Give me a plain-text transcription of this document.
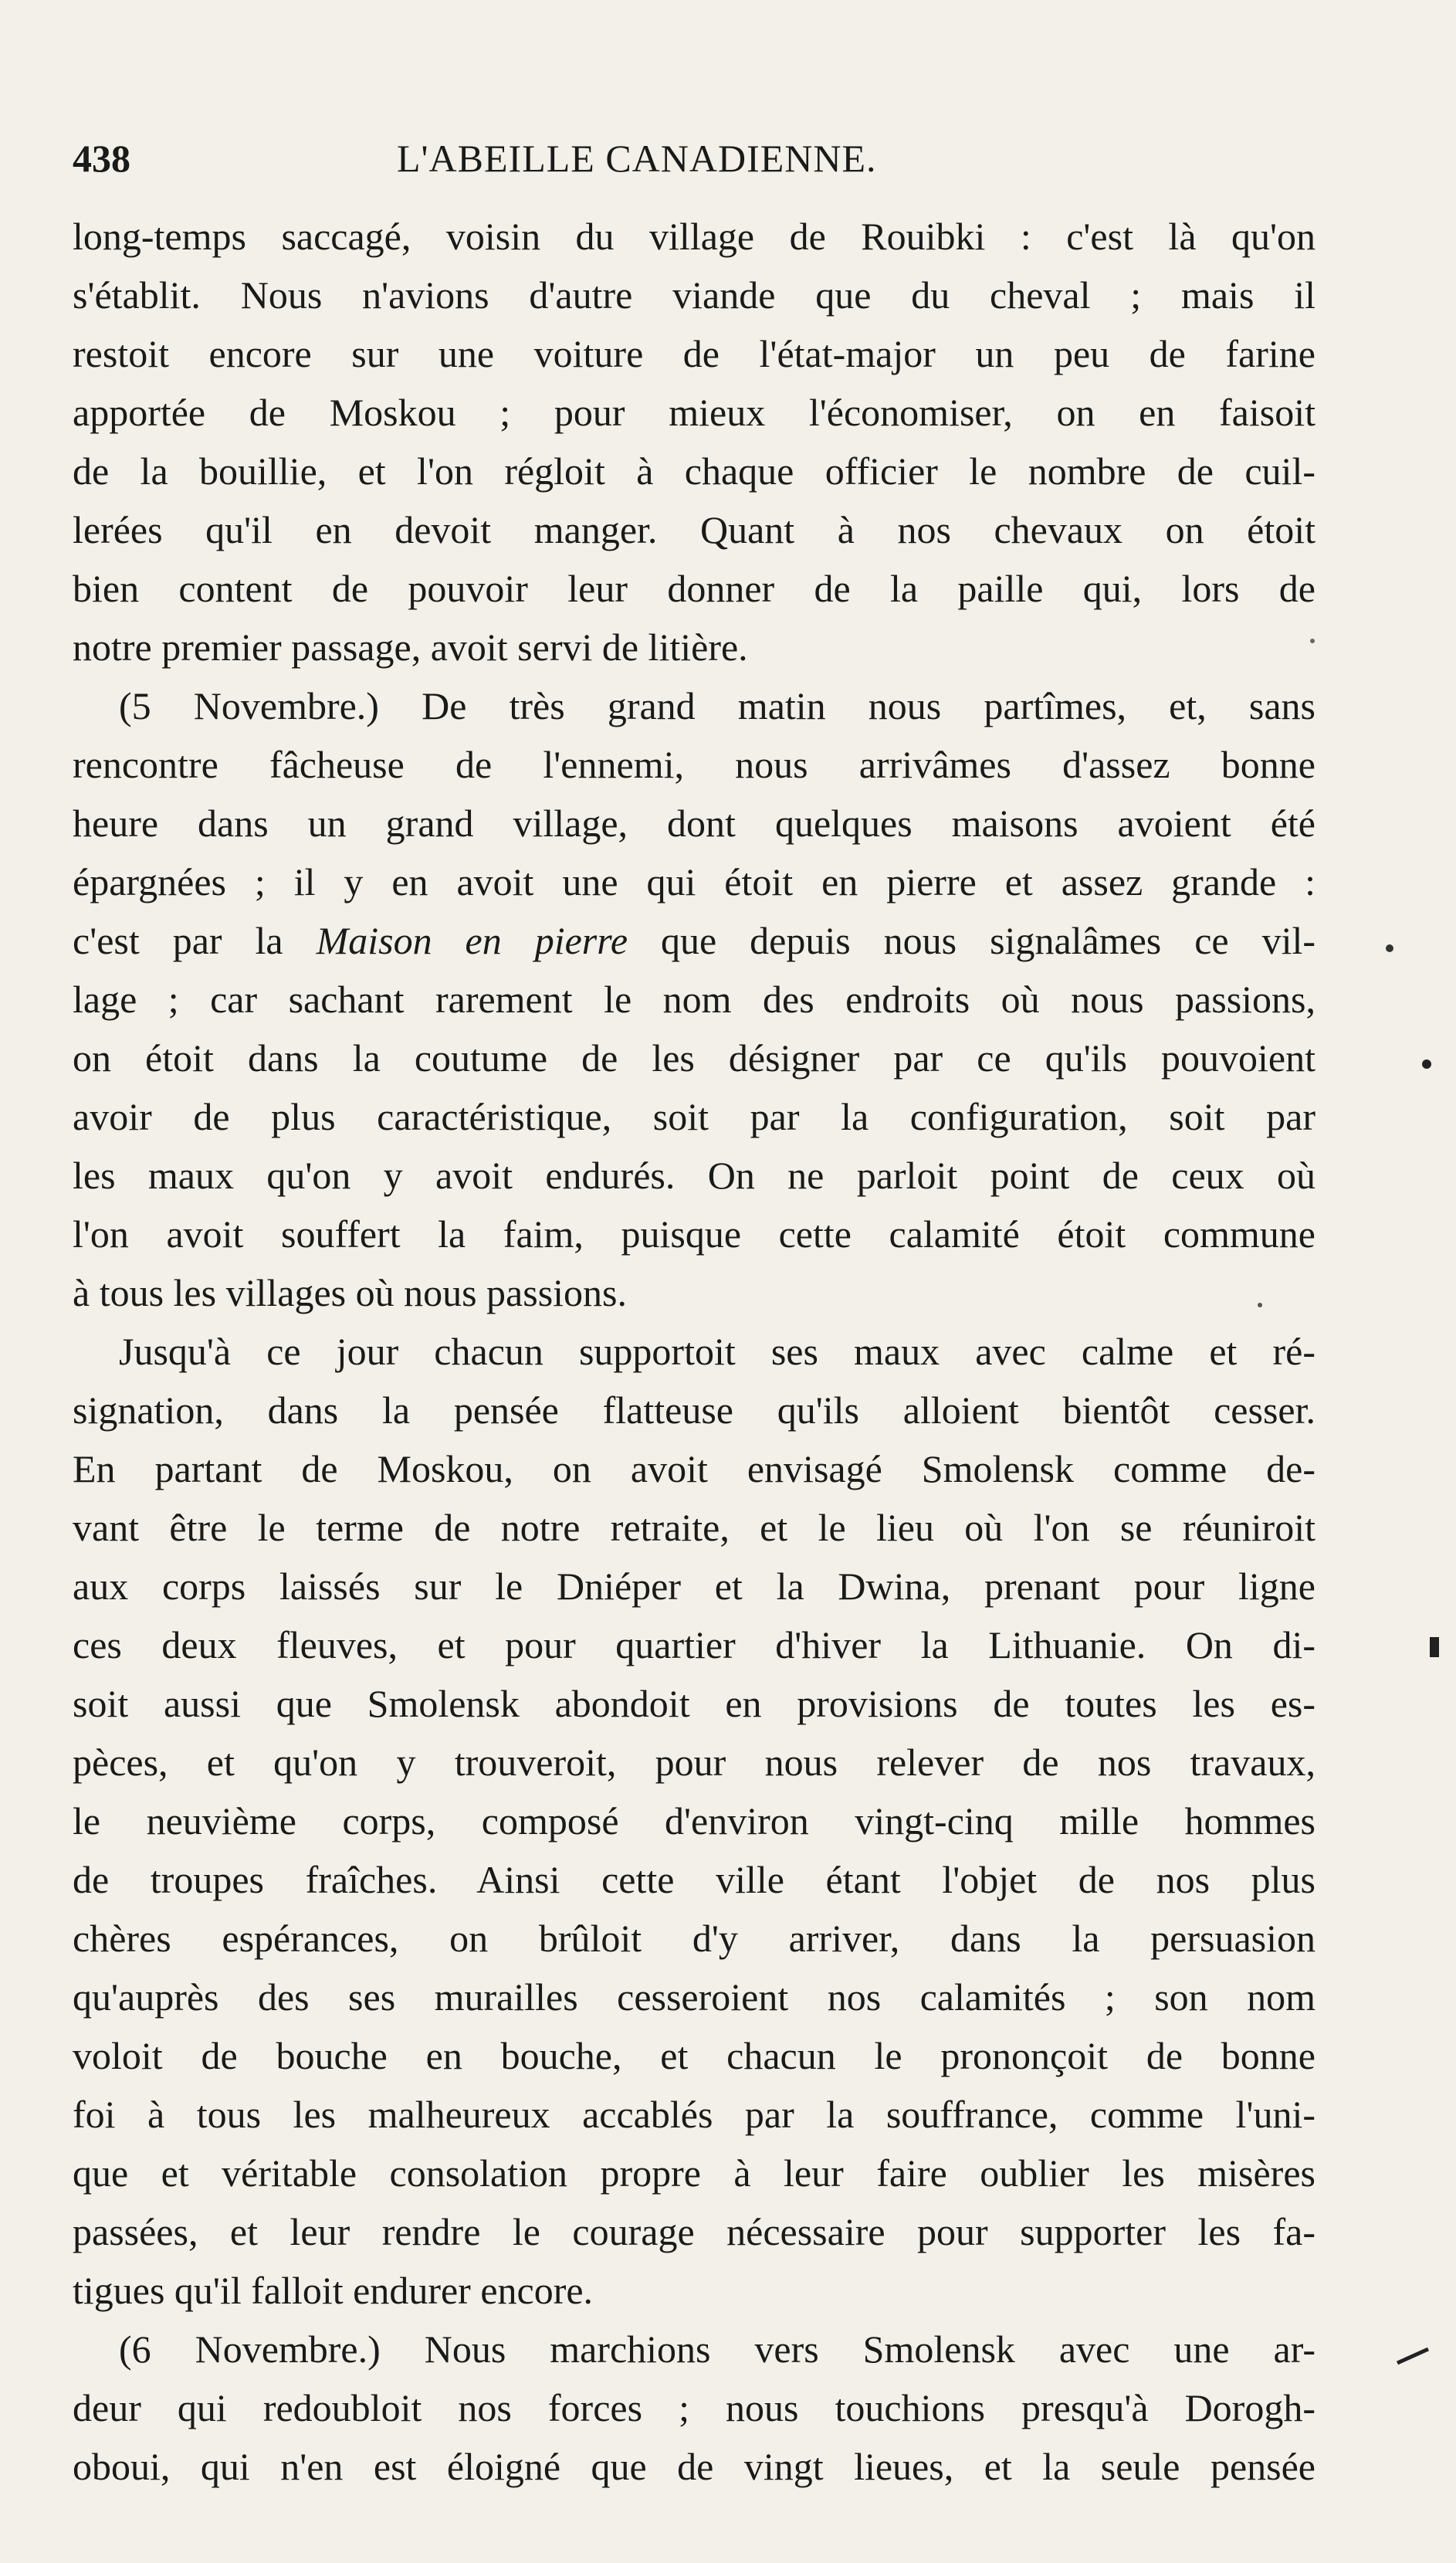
438	L'ABEILLE CANADIENNE.
long-temps saccagé, voisin du village de Rouibki : c'est là qu'on
s'établit. Nous n'avions d'autre viande que du cheval ; mais il
restoit encore sur une voiture de l'état-major un peu de farine
apportée de Moskou ; pour mieux l'économiser, on en faisoit
de la bouillie, et l'on régloit à chaque officier le nombre de cuil-
lerées qu'il en devoit manger. Quant à nos chevaux on étoit
bien content de pouvoir leur donner de la paille qui, lors de
notre premier passage, avoit servi de litière.
(5 Novembre.) De très grand matin nous partîmes, et, sans
rencontre fâcheuse de l'ennemi, nous arrivâmes d'assez bonne
heure dans un grand village, dont quelques maisons avoient été
épargnées ; il y en avoit une qui étoit en pierre et assez grande :
c'est par la Maison en pierre que depuis nous signalâmes ce vil-
lage ; car sachant rarement le nom des endroits où nous passions,
on étoit dans la coutume de les désigner par ce qu'ils pouvoient
avoir de plus caractéristique, soit par la configuration, soit par
les maux qu'on y avoit endurés. On ne parloit point de ceux où
l'on avoit souffert la faim, puisque cette calamité étoit commune
à tous les villages où nous passions.
Jusqu'à ce jour chacun supportoit ses maux avec calme et ré-
signation, dans la pensée flatteuse qu'ils alloient bientôt cesser.
En partant de Moskou, on avoit envisagé Smolensk comme de-
vant être le terme de notre retraite, et le lieu où l'on se réuniroit
aux corps laissés sur le Dniéper et la Dwina, prenant pour ligne
ces deux fleuves, et pour quartier d'hiver la Lithuanie. On di-
soit aussi que Smolensk abondoit en provisions de toutes les es-
pèces, et qu'on y trouveroit, pour nous relever de nos travaux,
le neuvième corps, composé d'environ vingt-cinq mille hommes
de troupes fraîches. Ainsi cette ville étant l'objet de nos plus
chères espérances, on brûloit d'y arriver, dans la persuasion
qu'auprès des ses murailles cesseroient nos calamités ; son nom
voloit de bouche en bouche, et chacun le prononçoit de bonne
foi à tous les malheureux accablés par la souffrance, comme l'uni-
que et véritable consolation propre à leur faire oublier les misères
passées, et leur rendre le courage nécessaire pour supporter les fa-
tigues qu'il falloit endurer encore.
(6 Novembre.) Nous marchions vers Smolensk avec une ar-
deur qui redoubloit nos forces ; nous touchions presqu'à Dorogh-
oboui, qui n'en est éloigné que de vingt lieues, et la seule pensée
